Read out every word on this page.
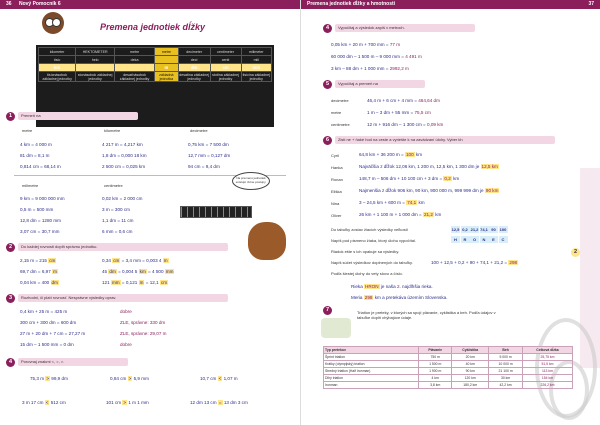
36 Nový Pomocník 6
Premena jednotiek dĺžky
kilometer	HEKTOMETER	metre	metre	decimeter	centimeter	milimeter
tisíc	helo	deka		decí	centi	mili
km			m	dm	cm	mm
tisícnásobok základnej jednotky	stonásobok základnej jednotky	desaťnásobok základnej jednotky	základná jednotka	desatina základnej jednotky	stotina základnej jednotky	tisícina základnej jednotky
1	Premeň na
metre	kilometre	decimetre
4 km = 4 000 m	4 217 m = 4,217 km	0,75 km = 7 500 dm
81 dm = 8,1 m	1,8 dm = 0,000 18 km	12,7 mm = 0,127 dm
0,814 cm = 68,14 m	2 500 cm = 0,025 km	94 cm = 9,4 dm
Na premenu jednotiek existujú rôzne postupy.
milimetre	centimetre
9 km = 9 000 000 mm	0,02 km = 2 000 cm
0,5 m = 500 mm	3 m = 300 cm
12,8 dm = 1280 mm	1,1 dm = 11 cm
3,07 cm = 30,7 mm	6 mm = 0,6 cm
2	Do každej rovnosti doplň správnu jednotku.
2,15 m = 215 cm	0,34 cm = 3,4 mm = 0,003 4 m
69,7 dm = 6,97 m	45 dm = 0,004 5 km = 4 500 mm
0,04 km = 400 dm	121 mm = 0,121 m = 12,1 cm
3	Rozhodni, či platí rovnosť. Nesprávne výsledky oprav.
0,4 km + 25 m = 425 m	dobre
300 cm + 300 dm = 600 dm	ZLE, správne: 330 dm
27 m + 20 dm + 7 cm = 27,27 m	ZLE, správne: 29,07 m
15 dm – 1 500 mm = 0 dm	dobre
4	Porovnaj znakmi <, =, >.
75,3 m > 99,9 dm	0,84 cm > 5,9 mm	10,7 cm < 1,07 m
3 m 17 cm < 512 cm	101 cm > 1 m 1 mm	12 dm 13 cm = 13 dm 3 cm
Premena jednotiek dĺžky a hmotnosti	37
4	Vypočítaj a výsledok zapíš v metroch.
0,05 km + 20 m + 700 mm = 77 m
60 000 dm – 1 500 m – 9 000 mm = 4 491 m
3 km – 88 dm + 1 000 mm = 2992,2 m
5	Vypočítaj a premeň na
decimetre	46,4 m + 6 cm + 4 mm = 464,64 dm
metre	1 m – 3 dm + 55 mm = 75,5 cm
centimetre	12 m + 916 dm – 1 300 cm = 0,09 km
6	Zisti ne + ňaké hod na ceste a vyriešte k na zavádzaní úlohy. Vyber kh
Cyril	64,8 km + 36 200 m = 100 km
Hanka	Najväčšia z dĺžok 12,06 km, 1 200 m, 12,5 km, 1 300 dm je 12,5 km
Ronan	148,7 m – 506 dm + 10 100 cm + 3 dm = 0,2 km
Eliška	Najmenšia z dĺžok 906 km, 90 km, 900 000 m, 999 999 dm je 90 km
Nina	3 – 24,5 km + 600 m = 74,1 km
Oliver	26 km + 1 100 m + 1 000 dm = 21,2 km
Do tabuľky zostav žiacích výsledky veľkosti
Napíš pod písmeno žiaka, ktorý úlohu vypočítal.
Riadok ešte s ich opakuje sa výsledky.
Napíš súčet výsledkov doplnených do tabuľky.
Podľa šiestej úlohy do vety slovo a číslo.
12,5 0,2 21,2 74,1 90 100
H	R	O	N	E	C
100 + 12,5 + 0,2 + 90 + 74,1 + 21,2 = 298
2
Rieka HRON je naša 2. najdlhšia rieka.
Meria 298 km a pretekáva územím Slovenska.
7	Triatlon je preteky, v ktorých sa spojí plávanie, cyklistika a beh. Podľa údajov v tabuľke doplň chýbajúce údaje.
Typ pretekov	Plávanie	Cyklistika	Beh	Celková dĺžka
Šprint triatlon	750 m	20 km	5 000 m	25,75 km
Krátky (olympijský) triatlon	1 500 m	40 km	10 000 m	51,5 km
Stredný triatlon (Half Ironman)	1 900 m	90 km	21 100 m	113 km
Dlhý triatlon	4 km	120 km	30 km	154 km
Ironman	3,8 km	180,2 km	42,2 km	226,2 km
